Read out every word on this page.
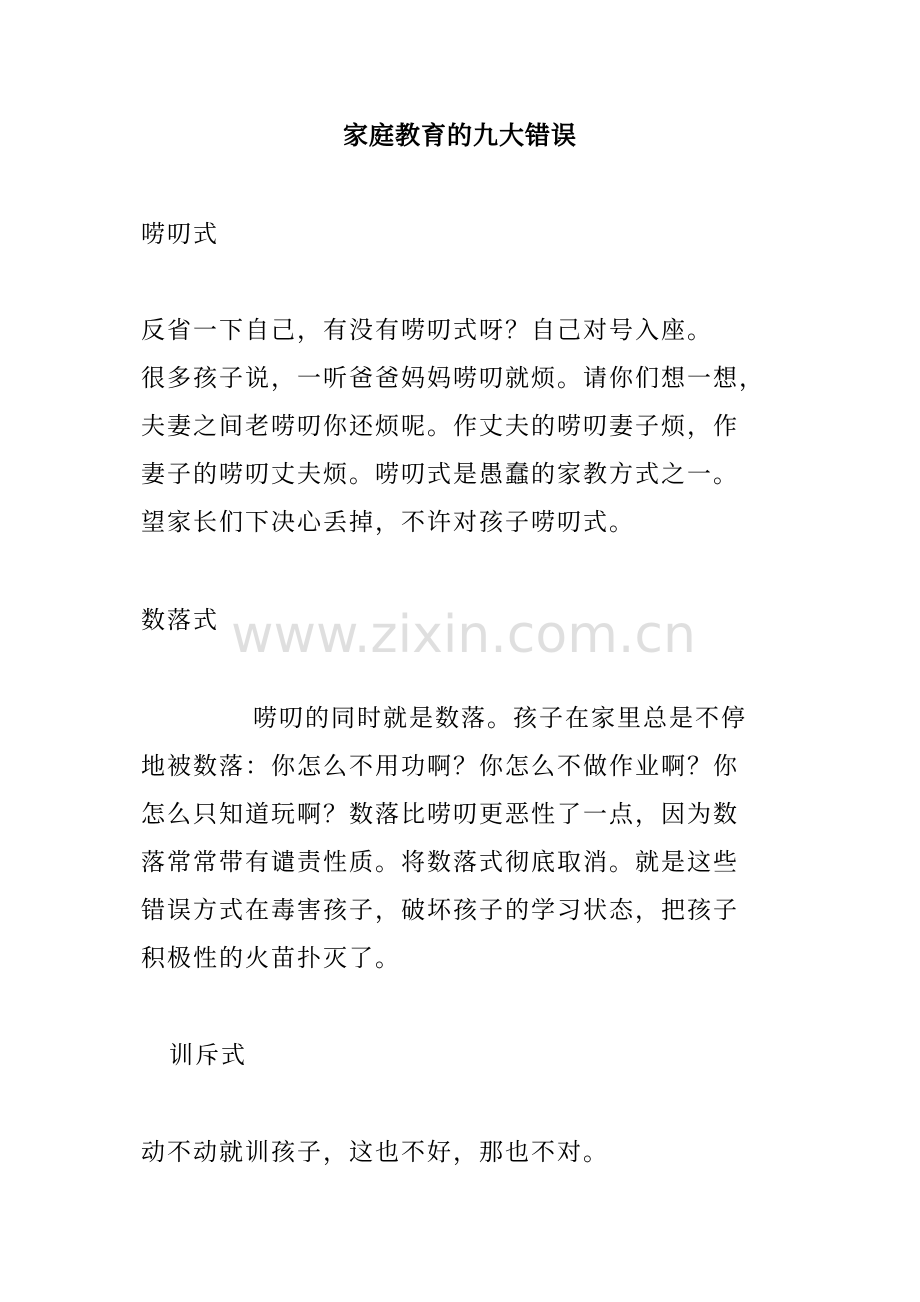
家庭教育的九大错误
唠叨式
反省一下自己，有没有唠叨式呀？自己对号入座。
很多孩子说，一听爸爸妈妈唠叨就烦。请你们想一想，
夫妻之间老唠叨你还烦呢。作丈夫的唠叨妻子烦，作
妻子的唠叨丈夫烦。唠叨式是愚蠢的家教方式之一。
望家长们下决心丢掉，不许对孩子唠叨式。
数落式
唠叨的同时就是数落。孩子在家里总是不停
地被数落：你怎么不用功啊？你怎么不做作业啊？你
怎么只知道玩啊？数落比唠叨更恶性了一点，因为数
落常常带有谴责性质。将数落式彻底取消。就是这些
错误方式在毒害孩子，破坏孩子的学习状态，把孩子
积极性的火苗扑灭了。
训斥式
动不动就训孩子，这也不好，那也不对。
www.zixin.com.cn
